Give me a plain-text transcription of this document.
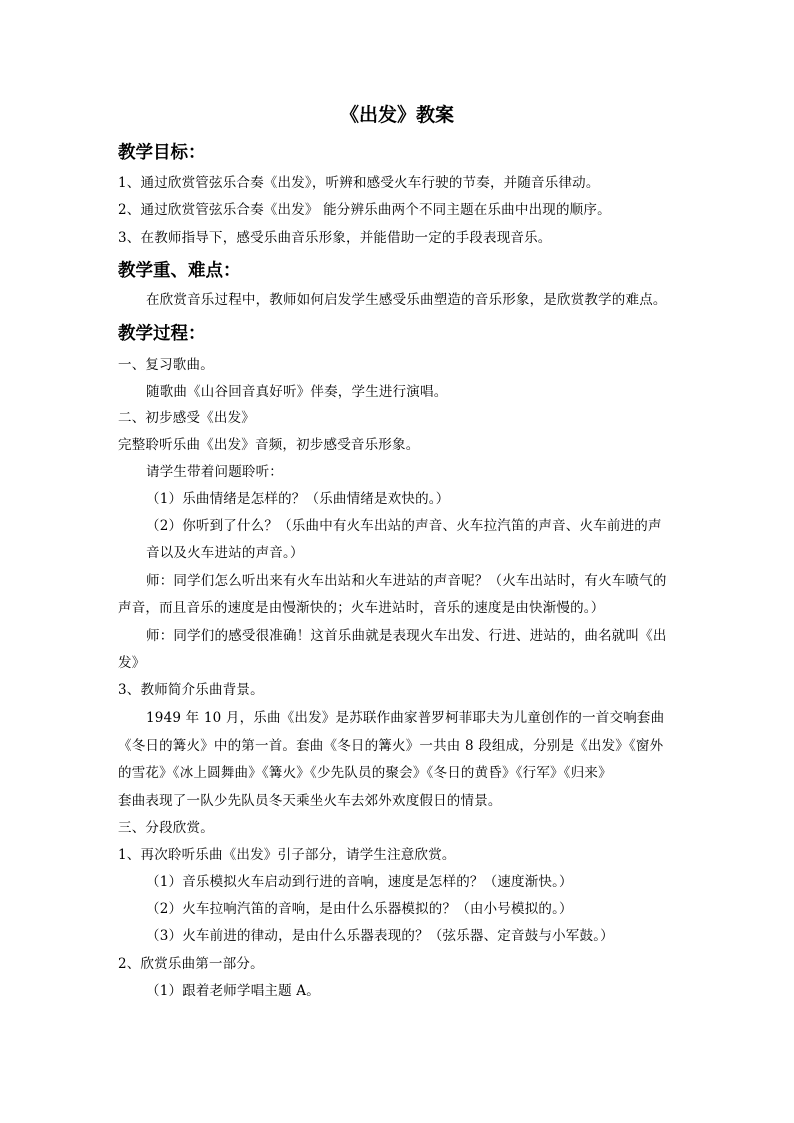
《出发》教案
教学目标：
1、通过欣赏管弦乐合奏《出发》，听辨和感受火车行驶的节奏，并随音乐律动。
2、通过欣赏管弦乐合奏《出发》 能分辨乐曲两个不同主题在乐曲中出现的顺序。
3、在教师指导下，感受乐曲音乐形象，并能借助一定的手段表现音乐。
教学重、难点：
在欣赏音乐过程中，教师如何启发学生感受乐曲塑造的音乐形象，是欣赏教学的难点。
教学过程：
一、复习歌曲。
随歌曲《山谷回音真好听》伴奏，学生进行演唱。
二、初步感受《出发》
完整聆听乐曲《出发》音频，初步感受音乐形象。
请学生带着问题聆听：
（1）乐曲情绪是怎样的？（乐曲情绪是欢快的。）
（2）你听到了什么？（乐曲中有火车出站的声音、火车拉汽笛的声音、火车前进的声
音以及火车进站的声音。）
师：同学们怎么听出来有火车出站和火车进站的声音呢？（火车出站时，有火车喷气的
声音，而且音乐的速度是由慢渐快的；火车进站时，音乐的速度是由快渐慢的。）
师：同学们的感受很准确！这首乐曲就是表现火车出发、行进、进站的，曲名就叫《出
发》
3、教师简介乐曲背景。
1949 年 10 月，乐曲《出发》是苏联作曲家普罗柯菲耶夫为儿童创作的一首交响套曲
《冬日的篝火》中的第一首。套曲《冬日的篝火》一共由 8 段组成，分别是《出发》《窗外
的雪花》《冰上圆舞曲》《篝火》《少先队员的聚会》《冬日的黄昏》《行军》《归来》
套曲表现了一队少先队员冬天乘坐火车去郊外欢度假日的情景。
三、分段欣赏。
1、再次聆听乐曲《出发》引子部分，请学生注意欣赏。
（1）音乐模拟火车启动到行进的音响，速度是怎样的？（速度渐快。）
（2）火车拉响汽笛的音响，是由什么乐器模拟的？（由小号模拟的。）
（3）火车前进的律动，是由什么乐器表现的？（弦乐器、定音鼓与小军鼓。）
2、欣赏乐曲第一部分。
（1）跟着老师学唱主题 A。
